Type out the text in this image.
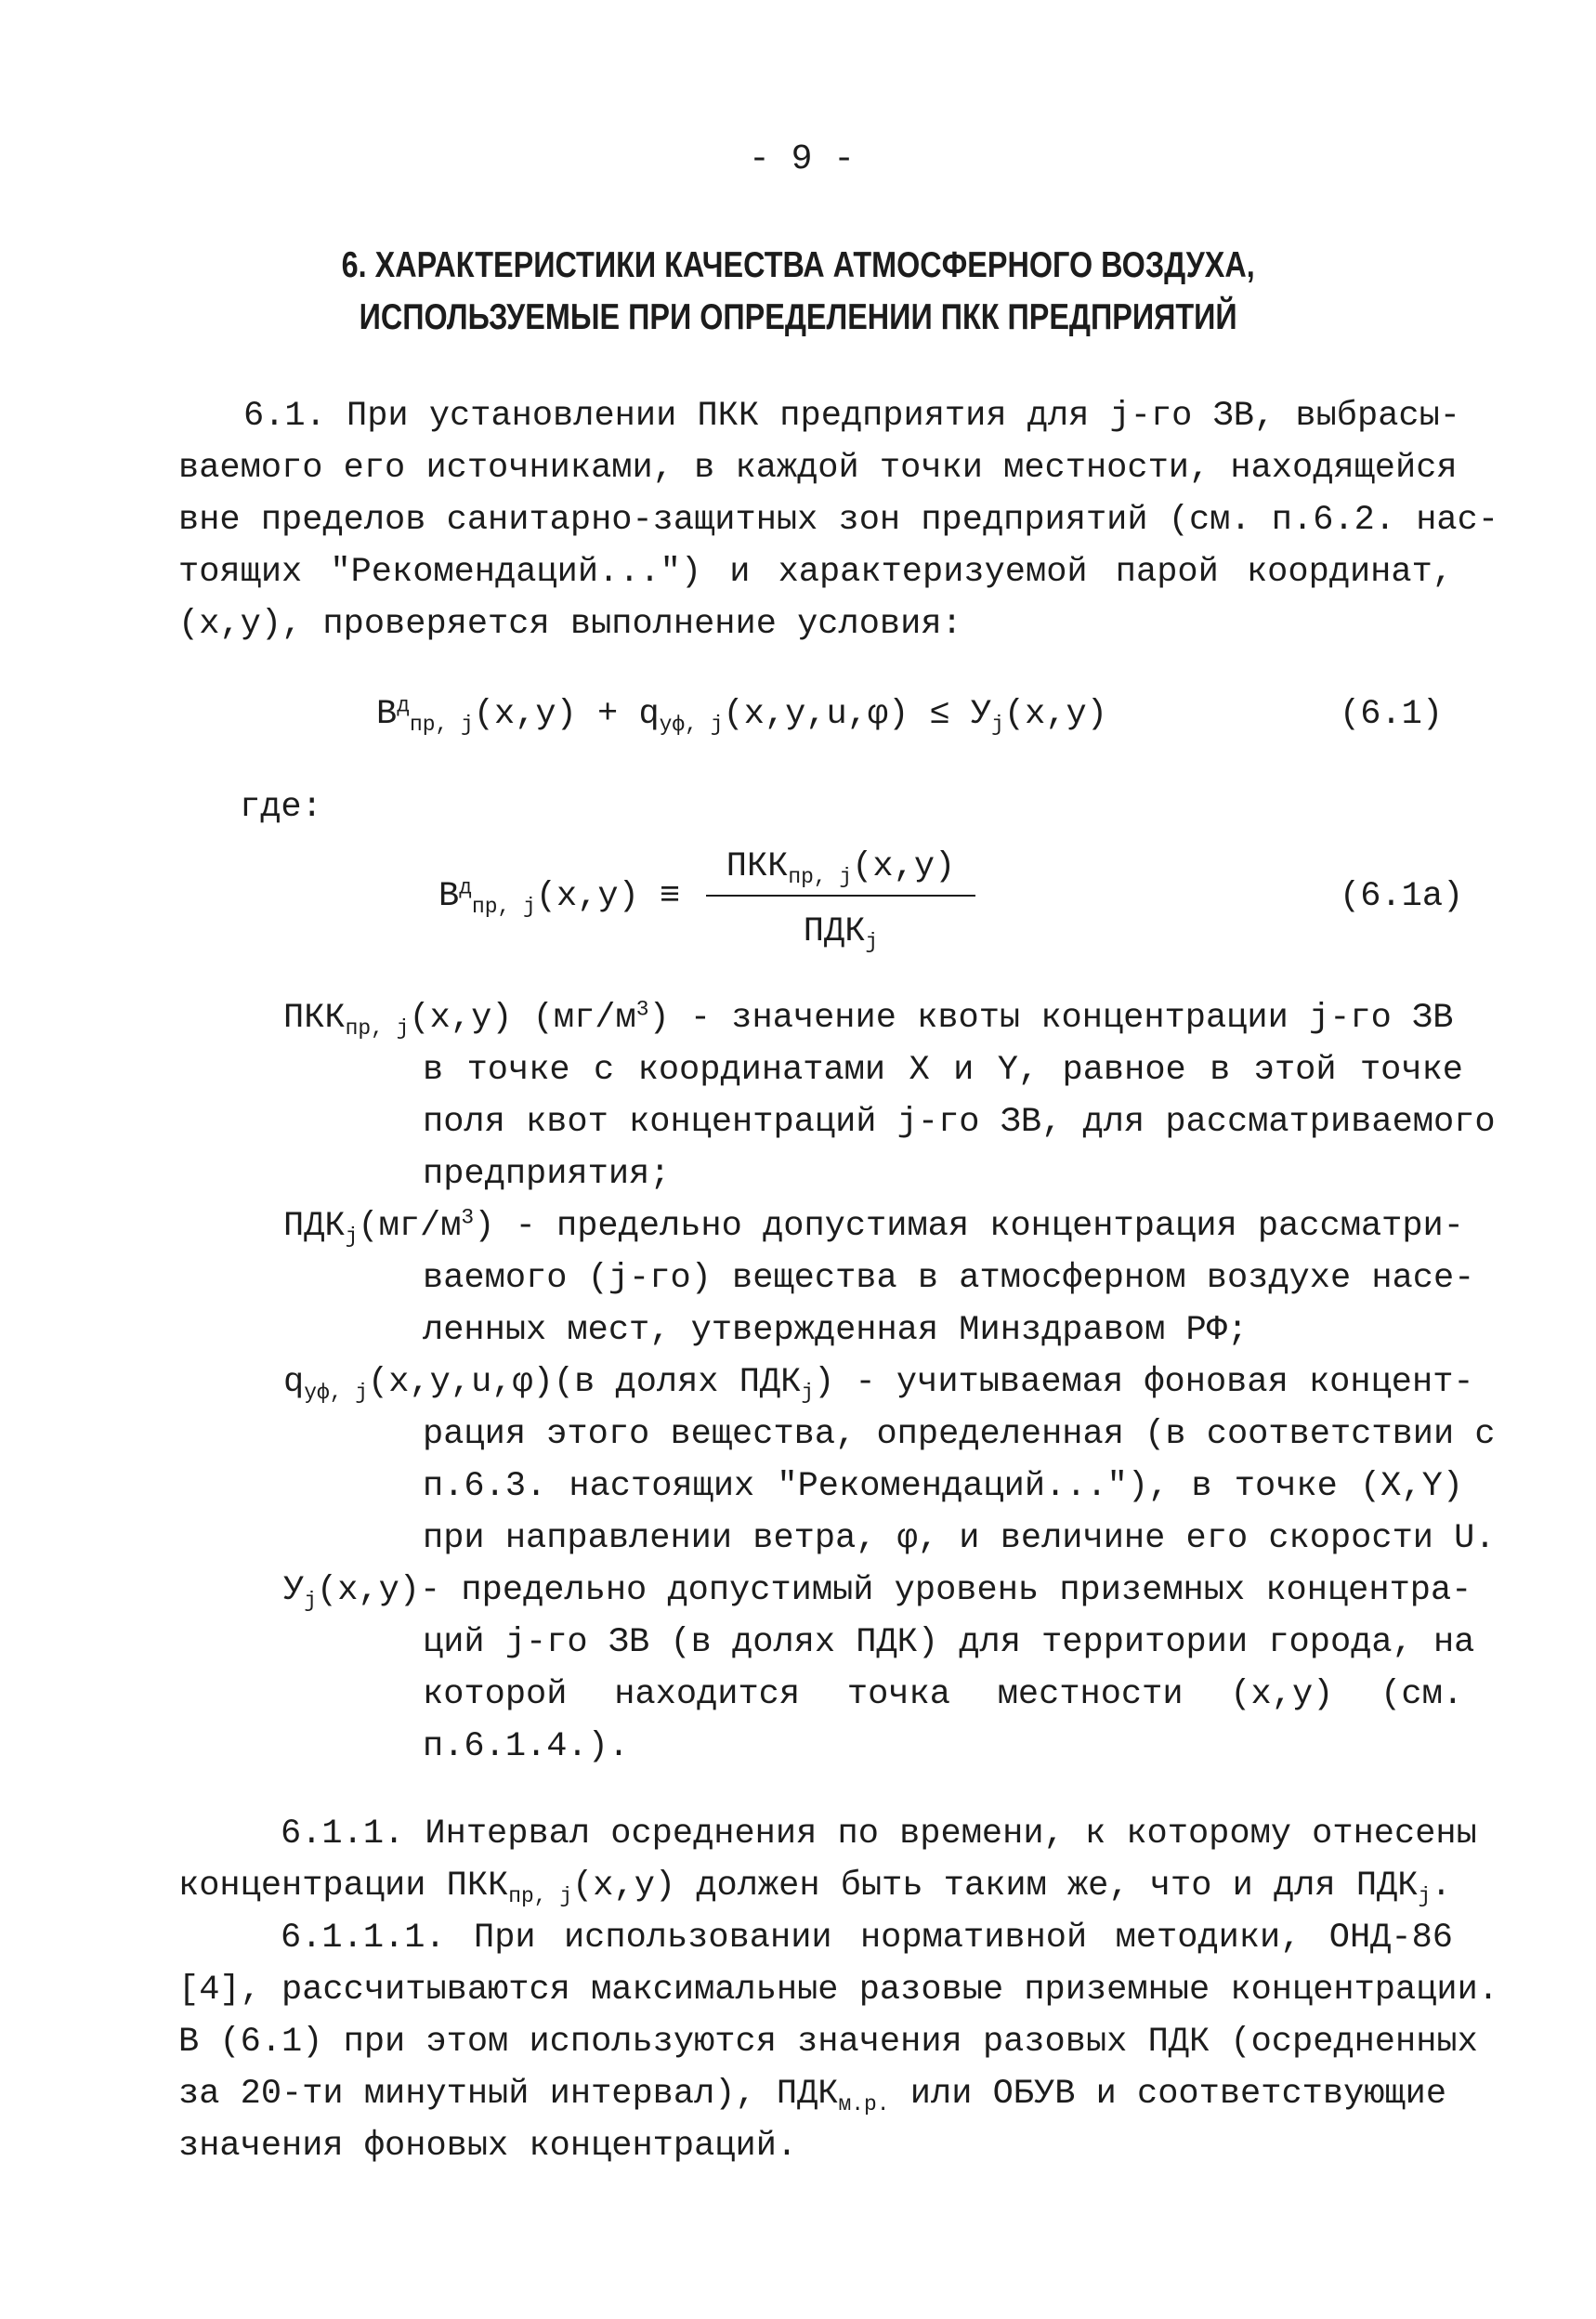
- 9 -
6. ХАРАКТЕРИСТИКИ КАЧЕСТВА АТМОСФЕРНОГО ВОЗДУХА,
ИСПОЛЬЗУЕМЫЕ ПРИ ОПРЕДЕЛЕНИИ ПКК ПРЕДПРИЯТИЙ
6.1. При установлении ПКК предприятия для j-го ЗВ, выбрасы-
ваемого его источниками, в каждой точки местности, находящейся
вне пределов санитарно-защитных зон предприятий (см. п.6.2. нас-
тоящих "Рекомендаций...") и характеризуемой парой координат,
(x,y), проверяется выполнение условия:
$B^д_{пр, j}(x,y) + q_{уф, j}(x,y,u,\varphi) \le У_j(x,y)$	(6.1)
где:
$B^д_{пр, j}(x,y)$ ≡
$ПКК_{пр, j}(x,y)$
$ПДК_j$
(6.1а)
$ПКК_{пр, j}(x,y)$ $(мг/м^3)$ - значение квоты концентрации j-го ЗВ
в точке с координатами X и Y, равное в этой точке
поля квот концентраций j-го ЗВ, для рассматриваемого
предприятия;
$ПДК_j(мг/м^3)$ - предельно допустимая концентрация рассматри-
ваемого (j-го) вещества в атмосферном воздухе насе-
ленных мест, утвержденная Минздравом РФ;
$q_{уф, j}(x,y,u,\varphi)(в$ долях $ПДК_j$) - учитываемая фоновая концент-
рация этого вещества, определенная (в соответствии с
п.6.3. настоящих "Рекомендаций..."), в точке (X,Y)
при направлении ветра, φ, и величине его скорости U.
$У_j(x,y)-$ предельно допустимый уровень приземных концентра-
ций j-го ЗВ (в долях ПДК) для территории города, на
которой находится точка местности (x,y) (см.
п.6.1.4.).
6.1.1. Интервал осреднения по времени, к которому отнесены
концентрации $ПКК_{пр, j}(x,y)$ должен быть таким же, что и для $ПДК_j$.
6.1.1.1. При использовании нормативной методики, ОНД-86
[4], рассчитываются максимальные разовые приземные концентрации.
В (6.1) при этом используются значения разовых ПДК (осредненных
за 20-ти минутный интервал), $ПДК_{м.р.}$ или ОБУВ и соответствующие
значения фоновых концентраций.
